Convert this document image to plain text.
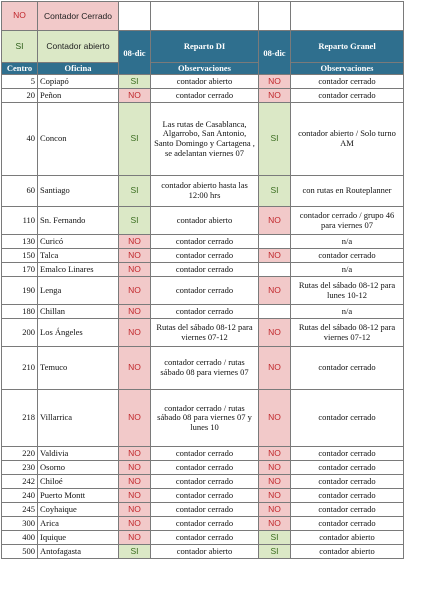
NO	Contador Cerrado				
SI	Contador abierto	08-dic	Reparto DI	08-dic	Reparto Granel
Centro	Oficina		Observaciones		Observaciones
5	Copiapó	SI	contador abierto	NO	contador cerrado
20	Peñon	NO	contador cerrado	NO	contador cerrado
40	Concon	SI	Las rutas de Casablanca, Algarrobo, San Antonio, Santo Domingo y Cartagena , se adelantan viernes 07	SI	contador abierto / Solo turno AM
60	Santiago	SI	contador abierto hasta las 12:00 hrs	SI	con rutas en Routeplanner
110	Sn. Fernando	SI	contador abierto	NO	contador cerrado / grupo 46 para viernes 07
130	Curicó	NO	contador cerrado		n/a
150	Talca	NO	contador cerrado	NO	contador cerrado
170	Emalco Linares	NO	contador cerrado		n/a
190	Lenga	NO	contador cerrado	NO	Rutas del sábado 08-12 para lunes 10-12
180	Chillan	NO	contador cerrado		n/a
200	Los Ángeles	NO	Rutas del sábado 08-12 para viernes 07-12	NO	Rutas del sábado 08-12 para viernes 07-12
210	Temuco	NO	contador cerrado / rutas sábado 08 para viernes 07	NO	contador cerrado
218	Villarrica	NO	contador cerrado / rutas sábado 08 para viernes 07 y lunes 10	NO	contador cerrado
220	Valdivia	NO	contador cerrado	NO	contador cerrado
230	Osorno	NO	contador cerrado	NO	contador cerrado
242	Chiloé	NO	contador cerrado	NO	contador cerrado
240	Puerto Montt	NO	contador cerrado	NO	contador cerrado
245	Coyhaique	NO	contador cerrado	NO	contador cerrado
300	Arica	NO	contador cerrado	NO	contador cerrado
400	Iquique	NO	contador cerrado	SI	contador abierto
500	Antofagasta	SI	contador abierto	SI	contador abierto
